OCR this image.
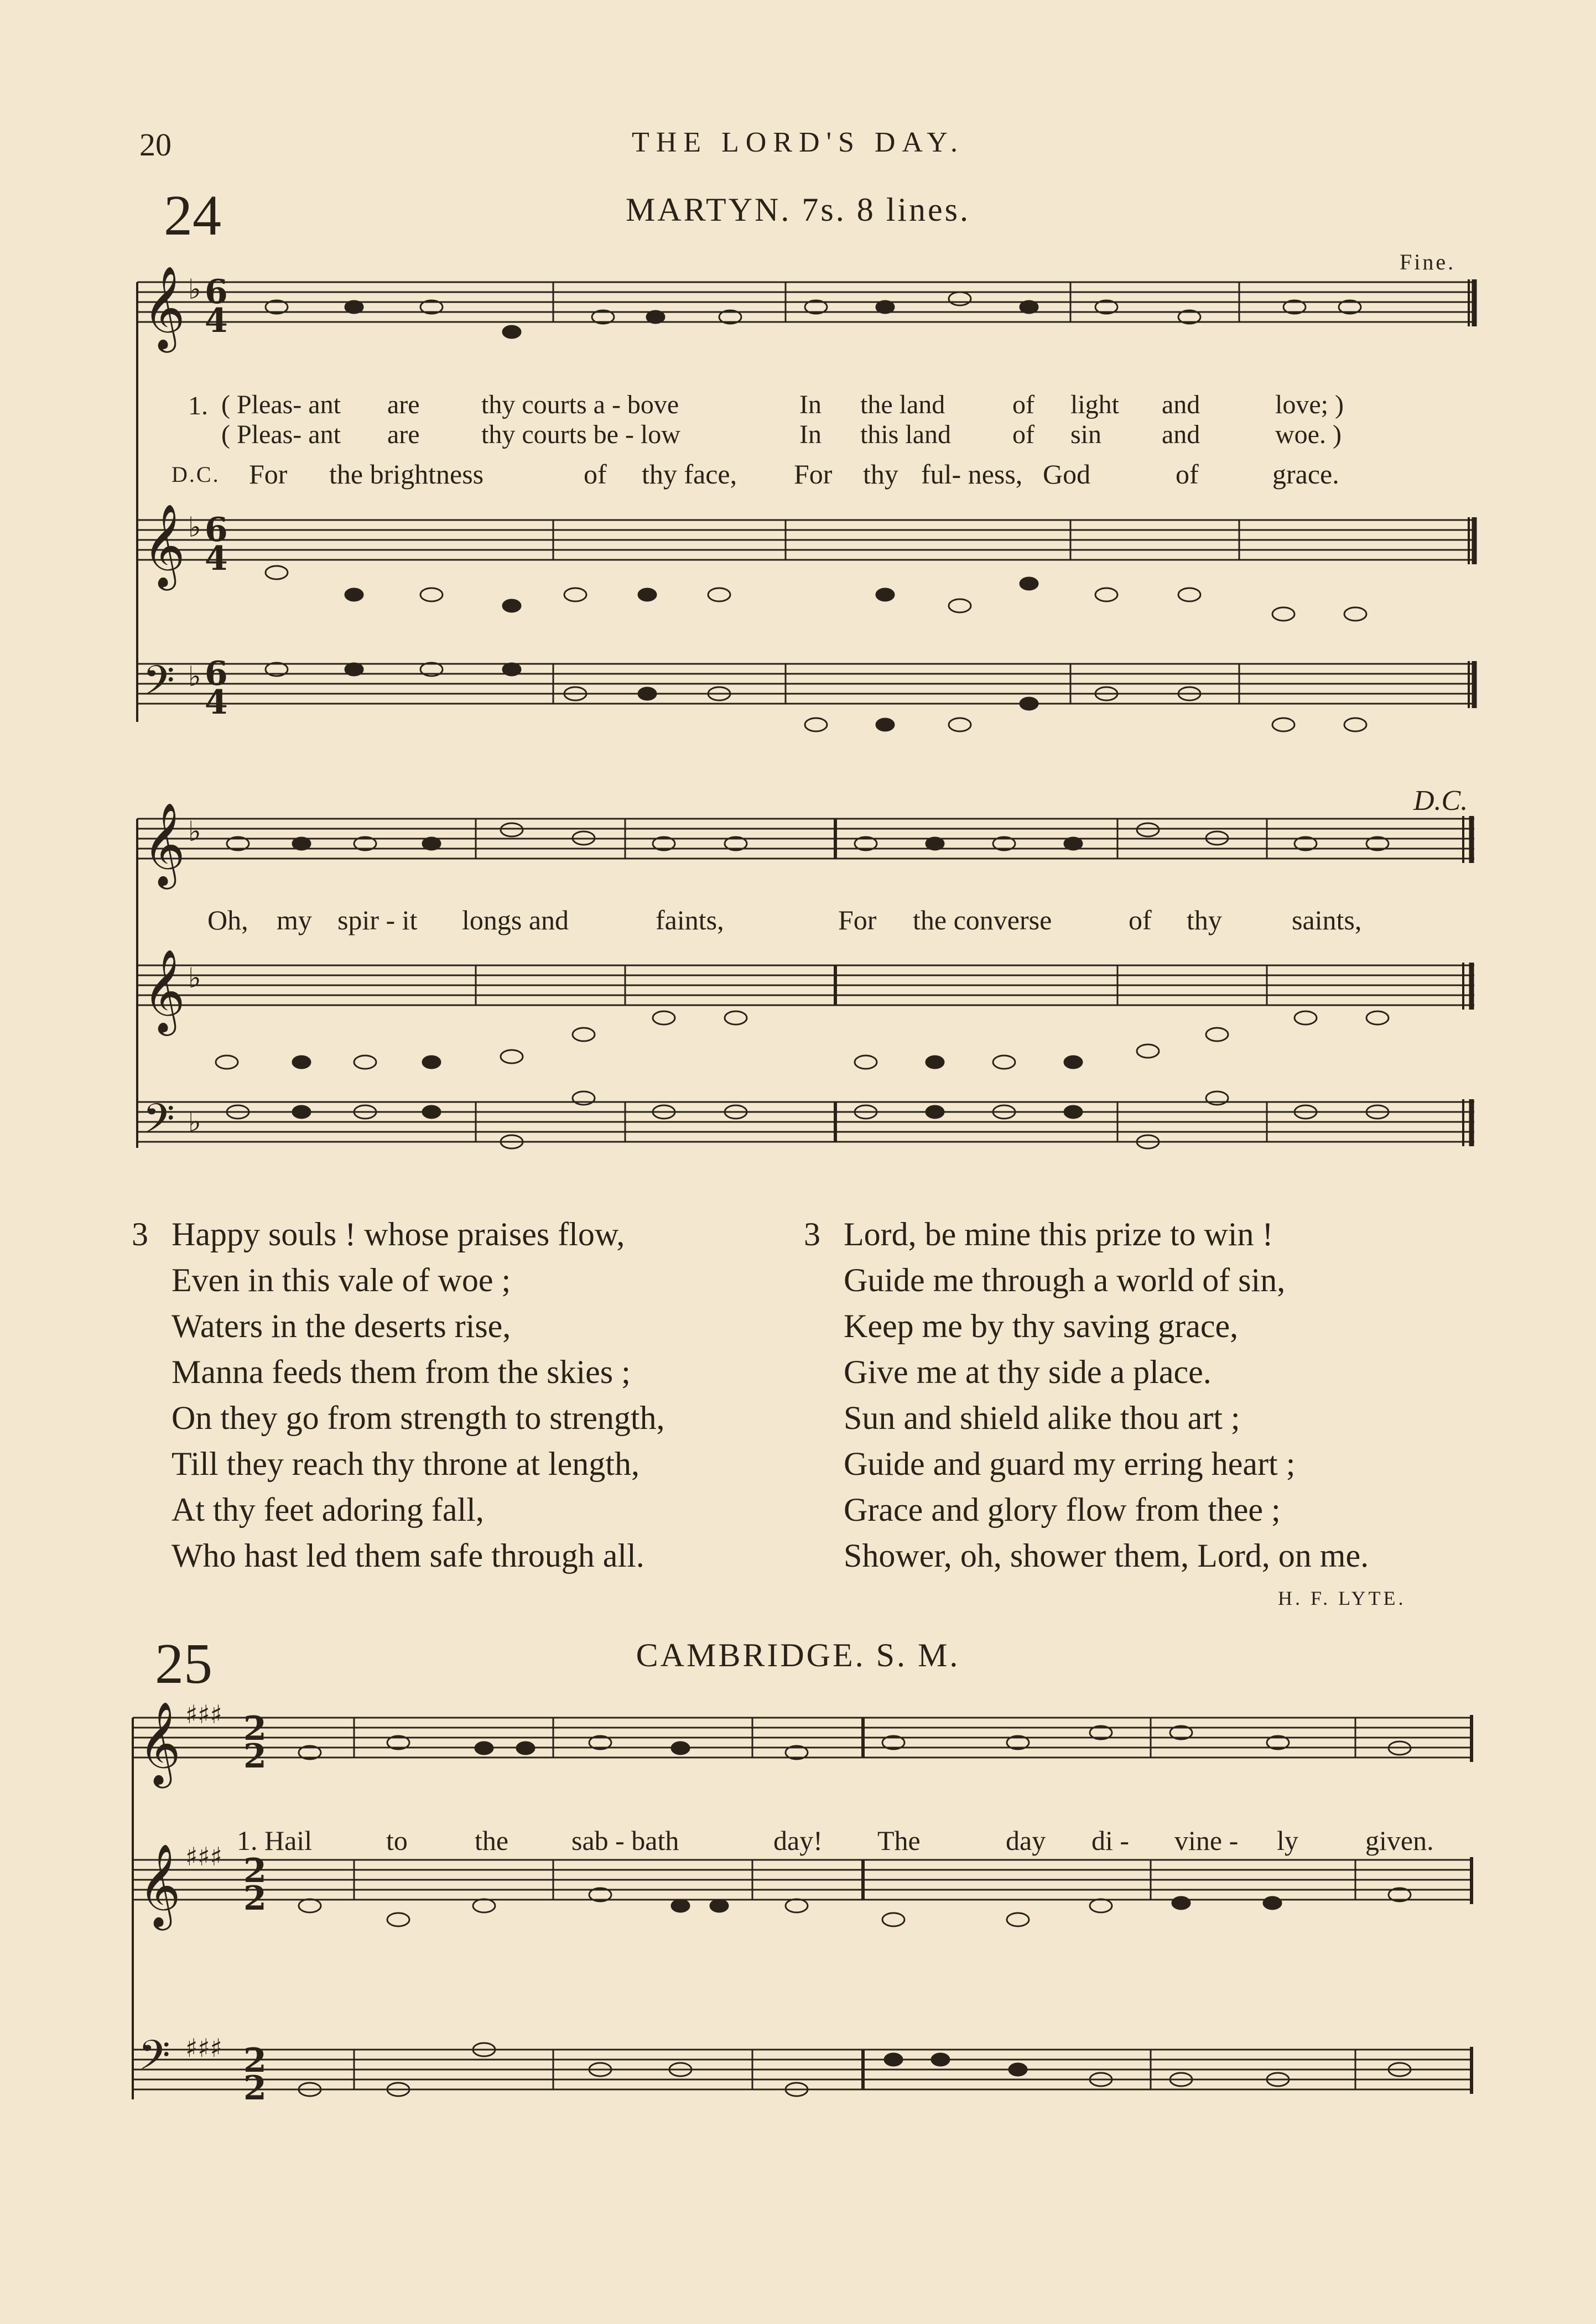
20	THE LORD'S DAY.
24	MARTYN. 7s. 8 lines.
Fine.
D.C.
𝄞
𝄞
𝄢
6
4
6
4
6
4
♭
♭
♭
𝄞
𝄞
𝄢
♭
♭
♭
𝄞
𝄞
𝄢
♯♯♯
♯♯♯
♯♯♯
2
2
2
2
2
2
1. ( Pleas- ant are thy courts a - bove	In the land	of light and	love; )
( Pleas- ant are thy courts be - low	In this land of sin and	woe. )
D.C. For the brightness	of thy face, For thy ful- ness, God	of	grace.
Oh, my spir - it longs and	faints,	For the converse	of thy	saints,
3 Happy souls ! whose praises flow,
Even in this vale of woe ;
Waters in the deserts rise,
Manna feeds them from the skies ;
On they go from strength to strength,
Till they reach thy throne at length,
At thy feet adoring fall,
Who hast led them safe through all.
3 Lord, be mine this prize to win !
Guide me through a world of sin,
Keep me by thy saving grace,
Give me at thy side a place.
Sun and shield alike thou art ;
Guide and guard my erring heart ;
Grace and glory flow from thee ;
Shower, oh, shower them, Lord, on me.
H. F. LYTE.
25	CAMBRIDGE. S. M.
1. Hail	to the sab - bath	day! The	day di - vine - ly given.
